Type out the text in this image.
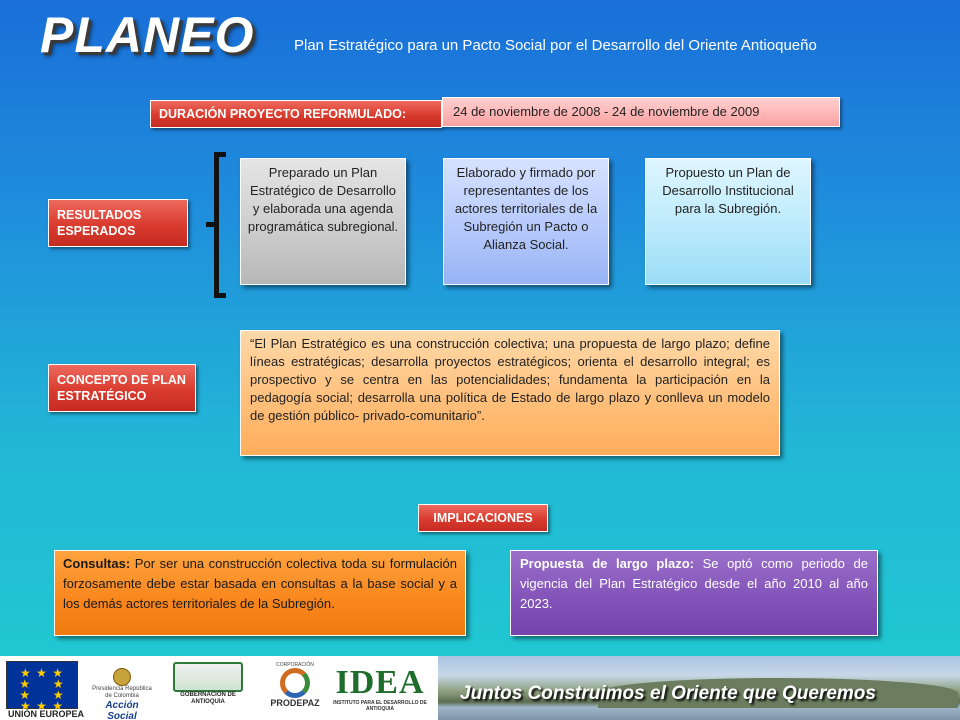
PLANEO	Plan Estratégico para un Pacto Social por el Desarrollo del Oriente Antioqueño
DURACIÓN PROYECTO REFORMULADO:	24 de noviembre de 2008 - 24 de noviembre de 2009
RESULTADOS ESPERADOS
Preparado un Plan Estratégico de Desarrollo y elaborada una agenda programática subregional.
Elaborado y firmado por representantes de los actores territoriales de la Subregión un Pacto o Alianza Social.
Propuesto un Plan de Desarrollo Institucional para la Subregión.
CONCEPTO DE PLAN ESTRATÉGICO
“El Plan Estratégico es una construcción colectiva; una propuesta de largo plazo; define líneas estratégicas; desarrolla proyectos estratégicos; orienta el desarrollo integral; es prospectivo y se centra en las potencialidades; fundamenta la participación en la pedagogía social; desarrolla una política de Estado de largo plazo y conlleva un modelo de gestión público- privado-comunitario”.
IMPLICACIONES
Consultas: Por ser una construcción colectiva toda su formulación forzosamente debe estar basada en consultas a la base social y a los demás actores territoriales de la Subregión.
Propuesta de largo plazo: Se optó como periodo de vigencia del Plan Estratégico desde el año 2010 al año 2023.
★ ★ ★
★     ★
★     ★
★ ★ ★
UNIÓN EUROPEA
Presidencia República de Colombia
Acción Social
GOBERNACIÓN DE ANTIOQUIA
CORPORACIÓN
PRODEPAZ
IDEA
INSTITUTO PARA EL DESARROLLO DE ANTIOQUIA
Juntos Construimos el Oriente que Queremos
